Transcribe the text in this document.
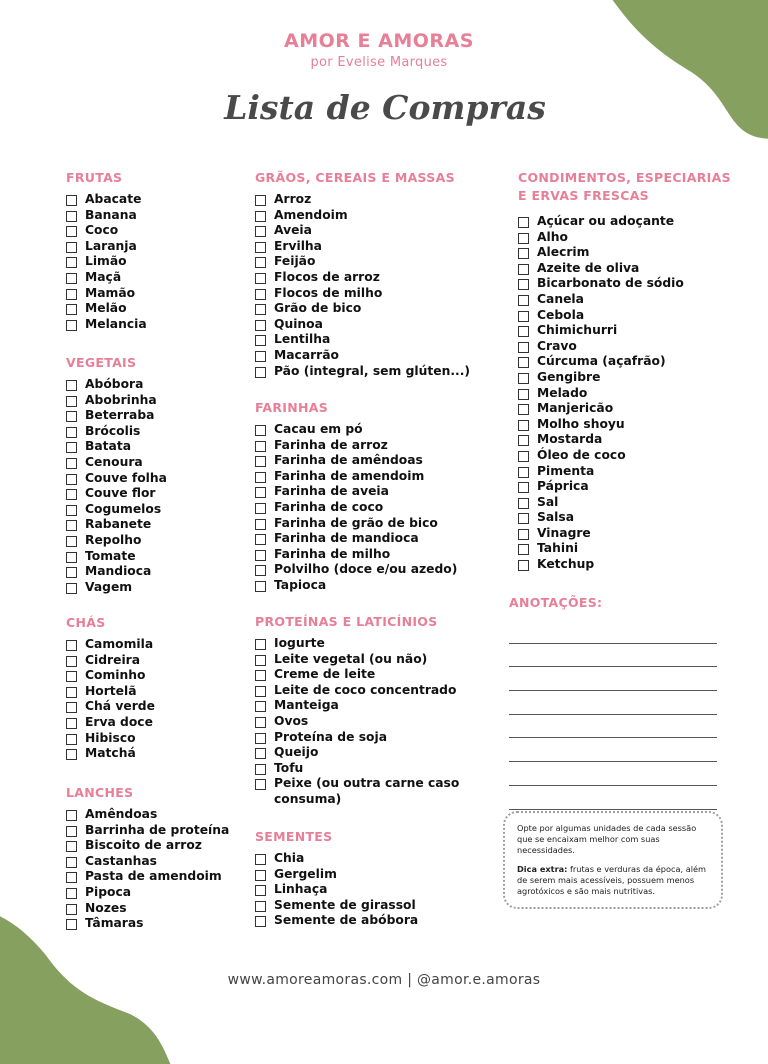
AMOR E AMORAS
por Evelise Marques
Lista de Compras
FRUTAS
Abacate
Banana
Coco
Laranja
Limão
Maçã
Mamão
Melão
Melancia
VEGETAIS
Abóbora
Abobrinha
Beterraba
Brócolis
Batata
Cenoura
Couve folha
Couve flor
Cogumelos
Rabanete
Repolho
Tomate
Mandioca
Vagem
CHÁS
Camomila
Cidreira
Cominho
Hortelã
Chá verde
Erva doce
Hibisco
Matchá
LANCHES
Amêndoas
Barrinha de proteína
Biscoito de arroz
Castanhas
Pasta de amendoim
Pipoca
Nozes
Tâmaras
GRÃOS, CEREAIS E MASSAS
Arroz
Amendoim
Aveia
Ervilha
Feijão
Flocos de arroz
Flocos de milho
Grão de bico
Quinoa
Lentilha
Macarrão
Pão (integral, sem glúten...)
FARINHAS
Cacau em pó
Farinha de arroz
Farinha de amêndoas
Farinha de amendoim
Farinha de aveia
Farinha de coco
Farinha de grão de bico
Farinha de mandioca
Farinha de milho
Polvilho (doce e/ou azedo)
Tapioca
PROTEÍNAS E LATICÍNIOS
Iogurte
Leite vegetal (ou não)
Creme de leite
Leite de coco concentrado
Manteiga
Ovos
Proteína de soja
Queijo
Tofu
Peixe (ou outra carne caso consuma)
SEMENTES
Chia
Gergelim
Linhaça
Semente de girassol
Semente de abóbora
CONDIMENTOS, ESPECIARIAS
E ERVAS FRESCAS
Açúcar ou adoçante
Alho
Alecrim
Azeite de oliva
Bicarbonato de sódio
Canela
Cebola
Chimichurri
Cravo
Cúrcuma (açafrão)
Gengibre
Melado
Manjericão
Molho shoyu
Mostarda
Óleo de coco
Pimenta
Páprica
Sal
Salsa
Vinagre
Tahini
Ketchup
ANOTAÇÕES:

Opte por algumas unidades de cada sessão que se encaixam melhor com suas necessidades.

Dica extra: frutas e verduras da época, além de serem mais acessíveis, possuem menos agrotóxicos e são mais nutritivas.

www.amoreamoras.com | @amor.e.amoras
